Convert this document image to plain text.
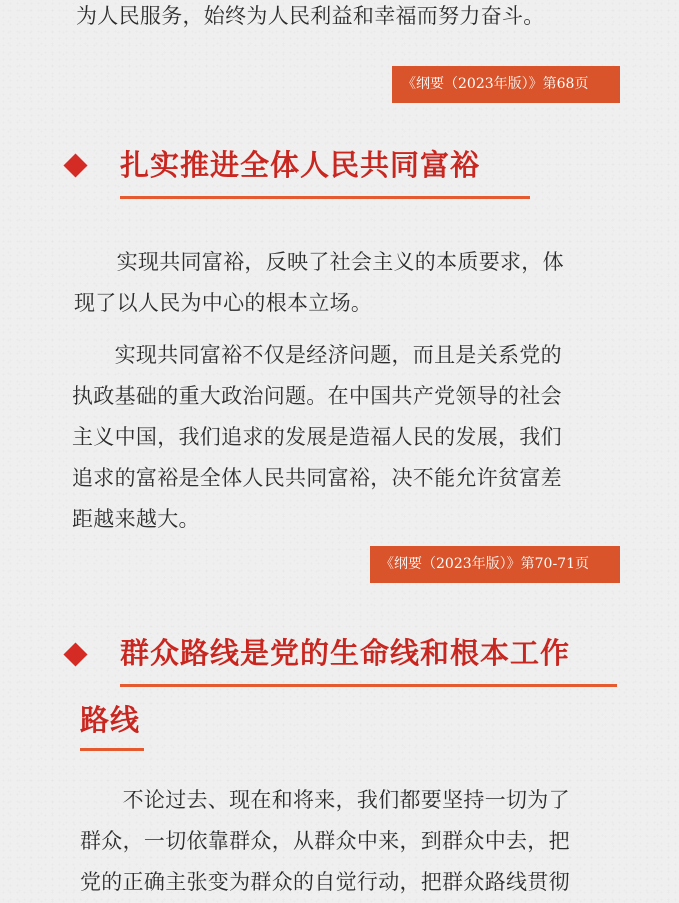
为人民服务，始终为人民利益和幸福而努力奋斗。
《纲要（2023年版）》第68页
扎实推进全体人民共同富裕
　　实现共同富裕，反映了社会主义的本质要求，体
现了以人民为中心的根本立场。
　　实现共同富裕不仅是经济问题，而且是关系党的
执政基础的重大政治问题。在中国共产党领导的社会
主义中国，我们追求的发展是造福人民的发展，我们
追求的富裕是全体人民共同富裕，决不能允许贫富差
距越来越大。
《纲要（2023年版）》第70-71页
群众路线是党的生命线和根本工作
路线
　　不论过去、现在和将来，我们都要坚持一切为了
群众，一切依靠群众，从群众中来，到群众中去，把
党的正确主张变为群众的自觉行动，把群众路线贯彻
